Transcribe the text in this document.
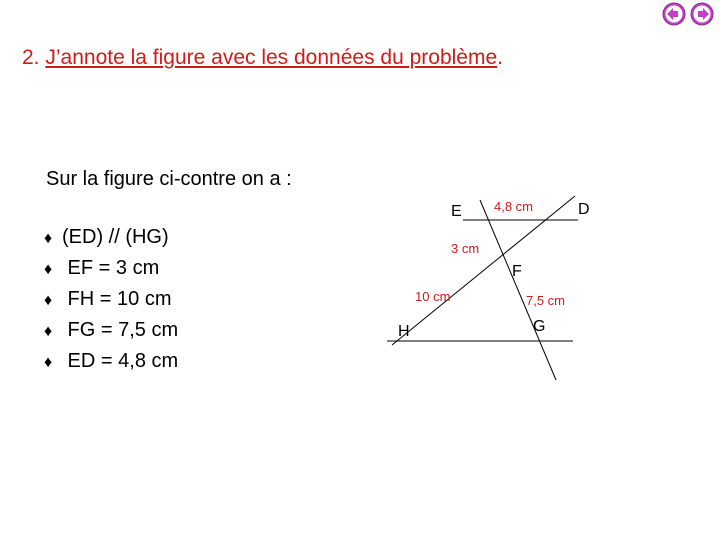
2. J’annote la figure avec les données du problème.
Sur la figure ci-contre on a :
♦ (ED) // (HG)
♦ EF = 3 cm
♦ FH = 10 cm
♦ FG = 7,5 cm
♦ ED = 4,8 cm
E	D
F
H	G
4,8 cm
3 cm
10 cm	7,5 cm
